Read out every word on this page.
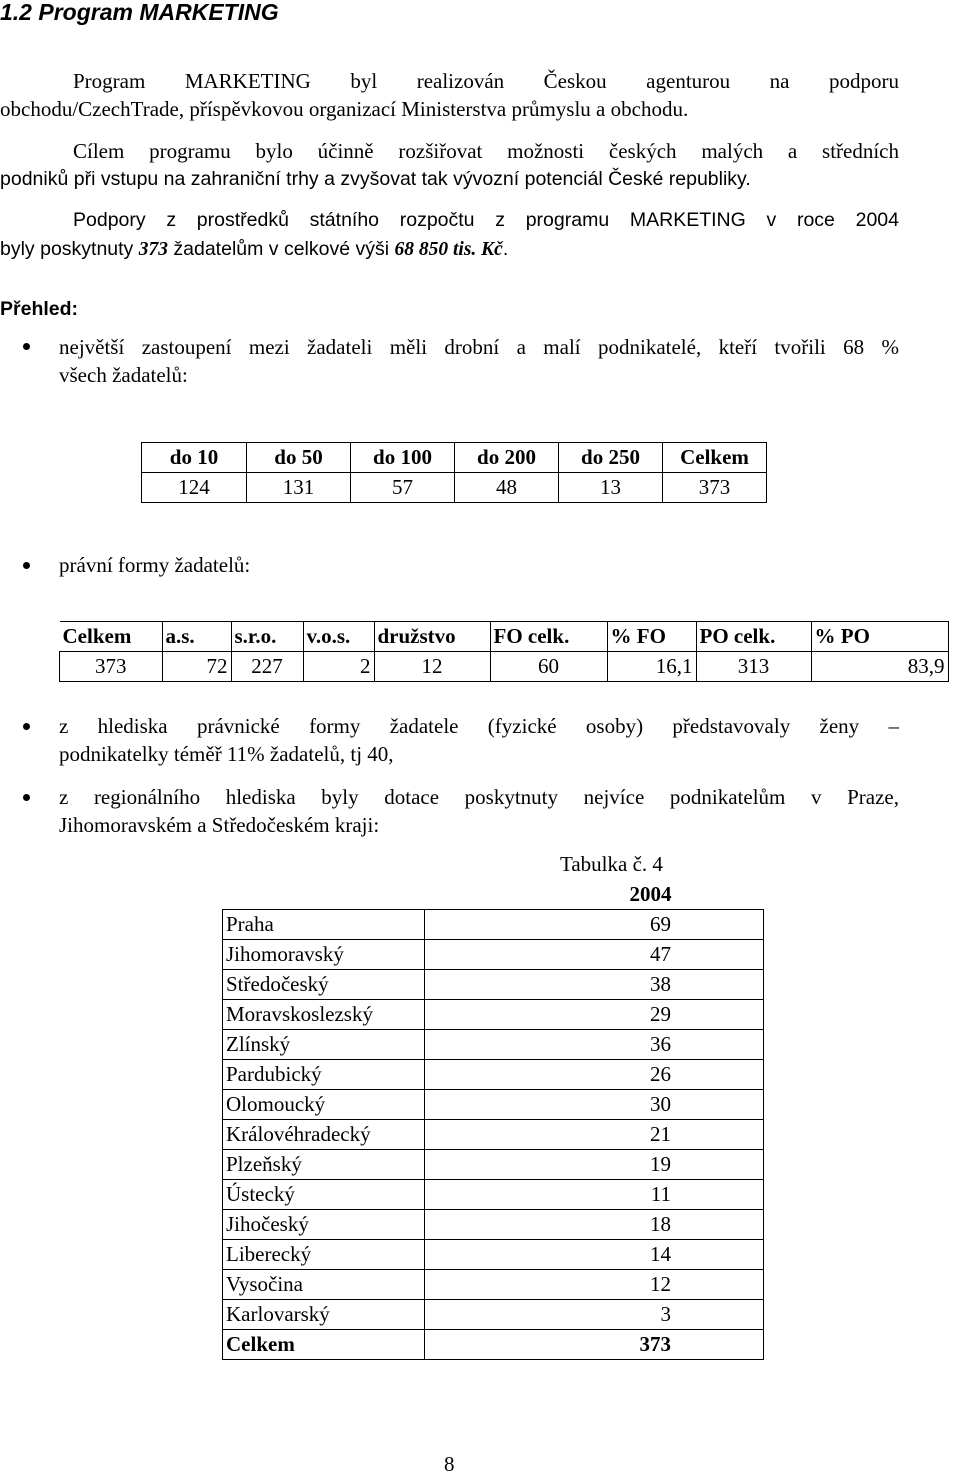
1.2 Program MARKETING
Program MARKETING byl realizován Českou agenturou na podporu
obchodu/CzechTrade, příspěvkovou organizací Ministerstva průmyslu a obchodu.
Cílem programu bylo účinně rozšiřovat možnosti českých malých a středních
podniků při vstupu na zahraniční trhy a zvyšovat tak vývozní potenciál České republiky.
Podpory z prostředků státního rozpočtu z programu MARKETING v roce 2004
byly poskytnuty 373 žadatelům v celkové výši 68 850 tis. Kč.
Přehled:
největší zastoupení mezi žadateli měli drobní a malí podnikatelé, kteří tvořili 68 %
všech žadatelů:
do 10	do 50	do 100	do 200	do 250	Celkem
124	131	57	48	13	373
právní formy žadatelů:
Celkem	a.s.	s.r.o.	v.o.s.	družstvo	FO celk.	% FO	PO celk.	% PO
373	72	227	2	12	60	16,1	313	83,9
z hlediska právnické formy žadatele (fyzické osoby) představovaly ženy –
podnikatelky téměř 11% žadatelů, tj 40,
z regionálního hlediska byly dotace poskytnuty nejvíce podnikatelům v Praze,
Jihomoravském a Středočeském kraji:
Tabulka č. 4
	2004
Praha	69
Jihomoravský	47
Středočeský	38
Moravskoslezský	29
Zlínský	36
Pardubický	26
Olomoucký	30
Královéhradecký	21
Plzeňský	19
Ústecký	11
Jihočeský	18
Liberecký	14
Vysočina	12
Karlovarský	3
Celkem	373
8
